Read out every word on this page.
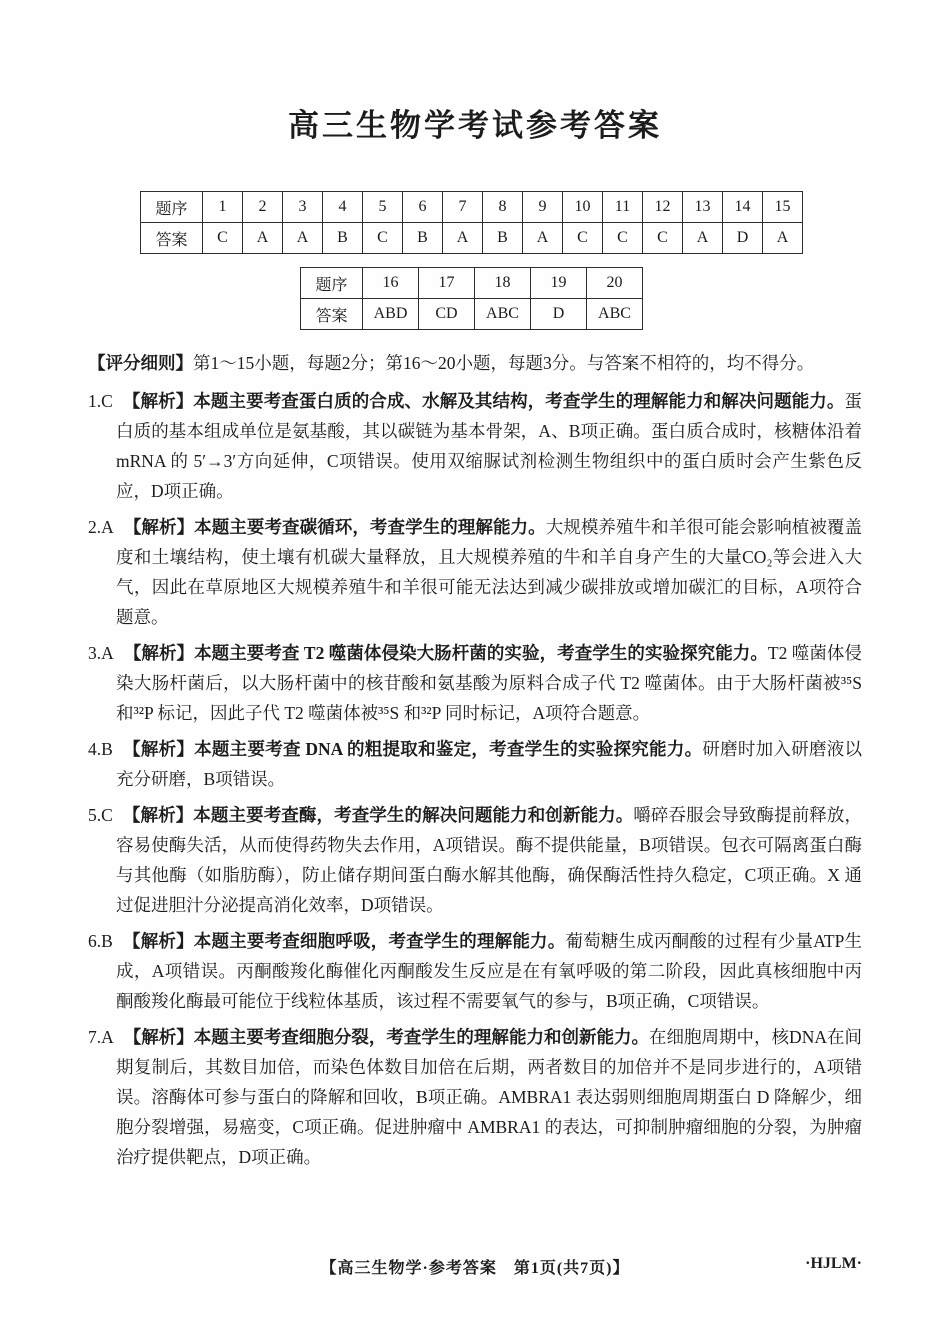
高三生物学考试参考答案
题序	1	2	3	4	5	6	7	8	9	10	11	12	13	14	15
答案	C	A	A	B	C	B	A	B	A	C	C	C	A	D	A
题序	16	17	18	19	20
答案	ABD	CD	ABC	D	ABC

【评分细则】第1～15小题，每题2分；第16～20小题，每题3分。与答案不相符的，均不得分。

1.C 【解析】本题主要考查蛋白质的合成、水解及其结构，考查学生的理解能力和解决问题能力。蛋白质的基本组成单位是氨基酸，其以碳链为基本骨架，A、B项正确。蛋白质合成时，核糖体沿着 mRNA 的 5′→3′方向延伸，C项错误。使用双缩脲试剂检测生物组织中的蛋白质时会产生紫色反应，D项正确。

2.A 【解析】本题主要考查碳循环，考查学生的理解能力。大规模养殖牛和羊很可能会影响植被覆盖度和土壤结构，使土壤有机碳大量释放，且大规模养殖的牛和羊自身产生的大量CO₂等会进入大气，因此在草原地区大规模养殖牛和羊很可能无法达到减少碳排放或增加碳汇的目标，A项符合题意。

3.A 【解析】本题主要考查 T2 噬菌体侵染大肠杆菌的实验，考查学生的实验探究能力。T2 噬菌体侵染大肠杆菌后，以大肠杆菌中的核苷酸和氨基酸为原料合成子代 T2 噬菌体。由于大肠杆菌被³⁵S 和³²P 标记，因此子代 T2 噬菌体被³⁵S 和³²P 同时标记，A项符合题意。

4.B 【解析】本题主要考查 DNA 的粗提取和鉴定，考查学生的实验探究能力。研磨时加入研磨液以充分研磨，B项错误。

5.C 【解析】本题主要考查酶，考查学生的解决问题能力和创新能力。嚼碎吞服会导致酶提前释放，容易使酶失活，从而使得药物失去作用，A项错误。酶不提供能量，B项错误。包衣可隔离蛋白酶与其他酶（如脂肪酶），防止储存期间蛋白酶水解其他酶，确保酶活性持久稳定，C项正确。X 通过促进胆汁分泌提高消化效率，D项错误。

6.B 【解析】本题主要考查细胞呼吸，考查学生的理解能力。葡萄糖生成丙酮酸的过程有少量ATP生成，A项错误。丙酮酸羧化酶催化丙酮酸发生反应是在有氧呼吸的第二阶段，因此真核细胞中丙酮酸羧化酶最可能位于线粒体基质，该过程不需要氧气的参与，B项正确，C项错误。

7.A 【解析】本题主要考查细胞分裂，考查学生的理解能力和创新能力。在细胞周期中，核DNA在间期复制后，其数目加倍，而染色体数目加倍在后期，两者数目的加倍并不是同步进行的，A项错误。溶酶体可参与蛋白的降解和回收，B项正确。AMBRA1 表达弱则细胞周期蛋白 D 降解少，细胞分裂增强，易癌变，C项正确。促进肿瘤中 AMBRA1 的表达，可抑制肿瘤细胞的分裂，为肿瘤治疗提供靶点，D项正确。

【高三生物学·参考答案　第1页(共7页)】	·HJLM·
